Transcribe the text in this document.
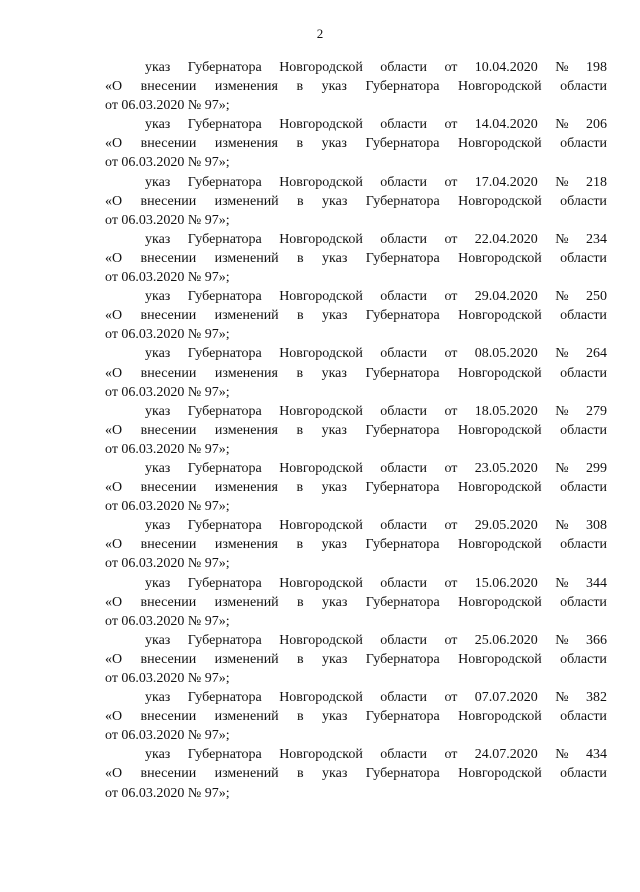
2
указ Губернатора Новгородской области от 10.04.2020 № 198
«О внесении изменения в указ Губернатора Новгородской области
от 06.03.2020 № 97»;
указ Губернатора Новгородской области от 14.04.2020 № 206
«О внесении изменения в указ Губернатора Новгородской области
от 06.03.2020 № 97»;
указ Губернатора Новгородской области от 17.04.2020 № 218
«О внесении изменений в указ Губернатора Новгородской области
от 06.03.2020 № 97»;
указ Губернатора Новгородской области от 22.04.2020 № 234
«О внесении изменений в указ Губернатора Новгородской области
от 06.03.2020 № 97»;
указ Губернатора Новгородской области от 29.04.2020 № 250
«О внесении изменений в указ Губернатора Новгородской области
от 06.03.2020 № 97»;
указ Губернатора Новгородской области от 08.05.2020 № 264
«О внесении изменения в указ Губернатора Новгородской области
от 06.03.2020 № 97»;
указ Губернатора Новгородской области от 18.05.2020 № 279
«О внесении изменения в указ Губернатора Новгородской области
от 06.03.2020 № 97»;
указ Губернатора Новгородской области от 23.05.2020 № 299
«О внесении изменения в указ Губернатора Новгородской области
от 06.03.2020 № 97»;
указ Губернатора Новгородской области от 29.05.2020 № 308
«О внесении изменения в указ Губернатора Новгородской области
от 06.03.2020 № 97»;
указ Губернатора Новгородской области от 15.06.2020 № 344
«О внесении изменений в указ Губернатора Новгородской области
от 06.03.2020 № 97»;
указ Губернатора Новгородской области от 25.06.2020 № 366
«О внесении изменений в указ Губернатора Новгородской области
от 06.03.2020 № 97»;
указ Губернатора Новгородской области от 07.07.2020 № 382
«О внесении изменений в указ Губернатора Новгородской области
от 06.03.2020 № 97»;
указ Губернатора Новгородской области от 24.07.2020 № 434
«О внесении изменений в указ Губернатора Новгородской области
от 06.03.2020 № 97»;
